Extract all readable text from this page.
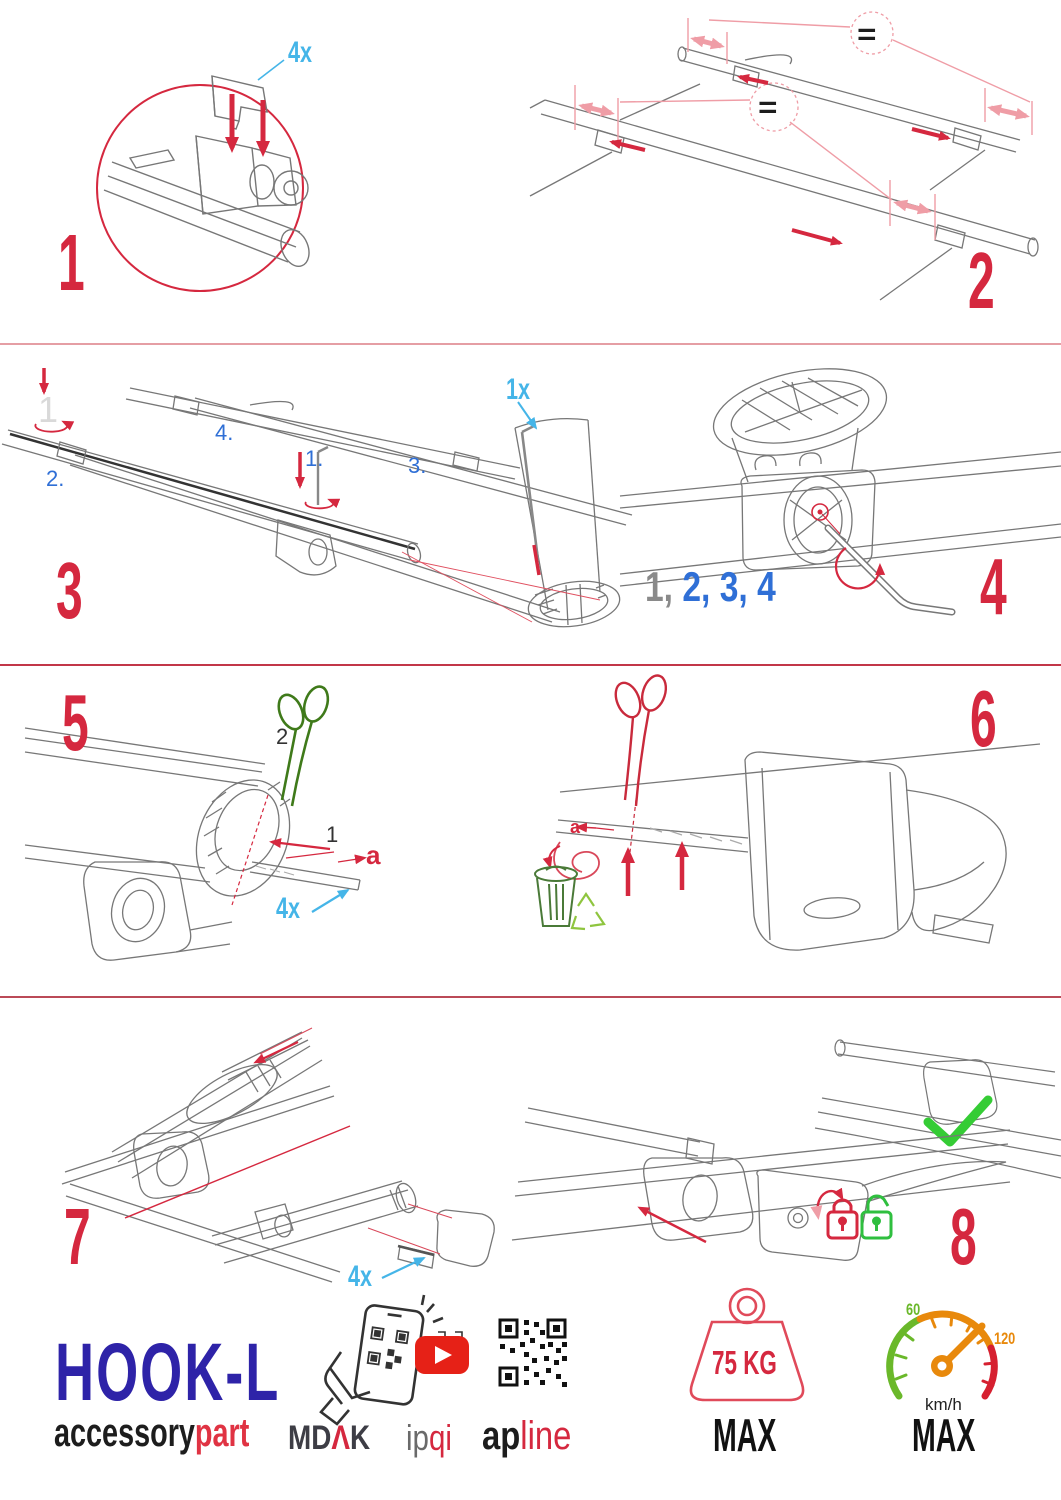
1
4x
=
=
2
1
1.
2.
3.
4.
1x
3	1, 2, 3, 4	4
5	2
1
a
4x
a
6
7	4x	8
HOOK-L
accessorypart MDΛK ipqi apline
75 KG
MAX
60
120
km/h
MAX
